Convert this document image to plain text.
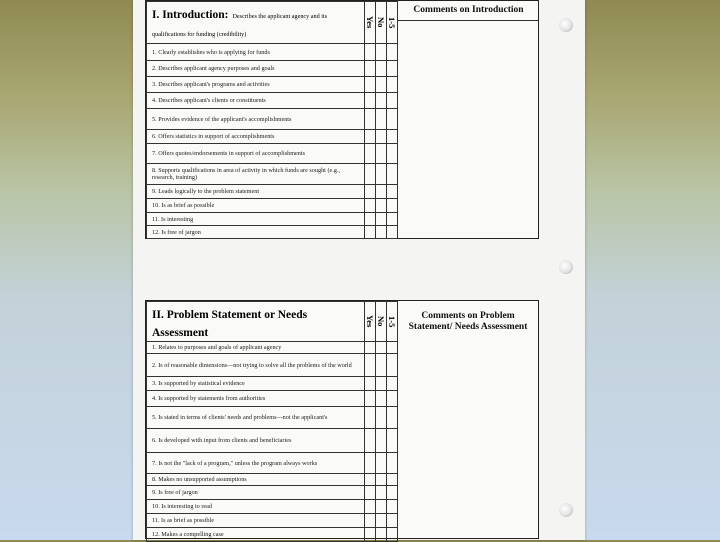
I. Introduction: Describes the applicant agency and its qualifications for funding (credibility)	Yes	No	1-5
1. Clearly establishes who is applying for funds			
2. Describes applicant agency purposes and goals			
3. Describes applicant's programs and activities			
4. Describes applicant's clients or constituents			
5. Provides evidence of the applicant's accomplishments			
6. Offers statistics in support of accomplishments			
7. Offers quotes/endorsements in support of accomplishments			
8. Supports qualifications in area of activity in which funds are sought (e.g., research, training)			
9. Leads logically to the problem statement			
10. Is as brief as possible			
11. Is interesting			
12. Is free of jargon			
Comments on Introduction
II. Problem Statement or Needs Assessment	Yes	No	1-5
1. Relates to purposes and goals of applicant agency			
2. Is of reasonable dimensions—not trying to solve all the problems of the world			
3. Is supported by statistical evidence			
4. Is supported by statements from authorities			
5. Is stated in terms of clients' needs and problems—not the applicant's			
6. Is developed with input from clients and beneficiaries			
7. Is not the "lack of a program," unless the program always works			
8. Makes no unsupported assumptions			
9. Is free of jargon			
10. Is interesting to read			
11. Is as brief as possible			
12. Makes a compelling case			
Comments on Problem Statement/ Needs Assessment
